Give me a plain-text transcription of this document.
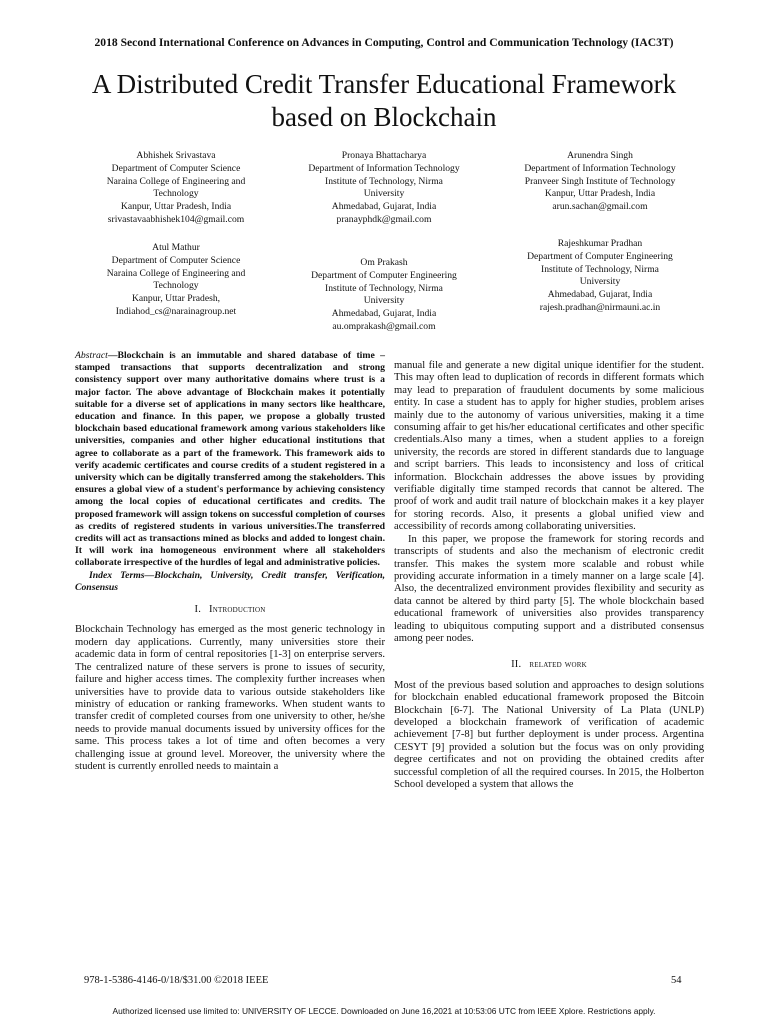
2018 Second International Conference on Advances in Computing, Control and Communication Technology (IAC3T)
A Distributed Credit Transfer Educational Framework
based on Blockchain
Abhishek Srivastava
Department of Computer Science
Naraina College of Engineering and
Technology
Kanpur, Uttar Pradesh, India
srivastavaabhishek104@gmail.com
Pronaya Bhattacharya
Department of Information Technology
Institute of Technology, Nirma
University
Ahmedabad, Gujarat, India
pranayphdk@gmail.com
Arunendra Singh
Department of Information Technology
Pranveer Singh Institute of Technology
Kanpur, Uttar Pradesh, India
arun.sachan@gmail.com
Atul Mathur
Department of Computer Science
Naraina College of Engineering and
Technology
Kanpur, Uttar Pradesh,
Indiahod_cs@narainagroup.net
Om Prakash
Department of Computer Engineering
Institute of Technology, Nirma
University
Ahmedabad, Gujarat, India
au.omprakash@gmail.com
Rajeshkumar Pradhan
Department of Computer Engineering
Institute of Technology, Nirma
University
Ahmedabad, Gujarat, India
rajesh.pradhan@nirmauni.ac.in

Abstract—Blockchain is an immutable and shared database of time –stamped transactions that supports decentralization and strong consistency support over many authoritative domains where trust is a major factor. The above advantage of Blockchain makes it potentially suitable for a diverse set of applications in many sectors like healthcare, education and finance. In this paper, we propose a globally trusted blockchain based educational framework among various stakeholders like universities, companies and other higher educational institutions that agree to collaborate as a part of the framework. This framework aids to verify academic certificates and course credits of a student registered in a university which can be digitally transferred among the stakeholders. This ensures a global view of a student's performance by achieving consistency among the local copies of educational certificates and credits. The proposed framework will assign tokens on successful completion of courses as credits of registered students in various universities.The transferred credits will act as transactions mined as blocks and added to longest chain. It will work ina homogeneous environment where all stakeholders collaborate irrespective of the hurdles of legal and administrative policies.

Index Terms—Blockchain, University, Credit transfer, Verification, Consensus

I. Introduction

Blockchain Technology has emerged as the most generic technology in modern day applications. Currently, many universities store their academic data in form of central repositories [1-3] on enterprise servers. The centralized nature of these servers is prone to issues of security, failure and higher access times. The complexity further increases when universities have to provide data to various outside stakeholders like ministry of education or ranking frameworks. When student wants to transfer credit of completed courses from one university to other, he/she needs to provide manual documents issued by university offices for the same. This process takes a lot of time and often becomes a very challenging issue at ground level. Moreover, the university where the student is currently enrolled needs to maintain a

manual file and generate a new digital unique identifier for the student. This may often lead to duplication of records in different formats which may lead to preparation of fraudulent documents by some malicious entity. In case a student has to apply for higher studies, problem arises mainly due to the autonomy of various universities, making it a time consuming affair to get his/her educational certificates and other specific credentials.Also many a times, when a student applies to a foreign university, the records are stored in different standards due to language and script barriers. This leads to inconsistency and loss of critical information. Blockchain addresses the above issues by providing verifiable digitally time stamped records that cannot be altered. The proof of work and audit trail nature of blockchain makes it a key player for storing records. Also, it presents a global unified view and accessibility of records among collaborating universities.

In this paper, we propose the framework for storing records and transcripts of students and also the mechanism of electronic credit transfer. This makes the system more scalable and robust while providing accurate information in a timely manner on a large scale [4]. Also, the decentralized environment provides flexibility and security as data cannot be altered by third party [5]. The whole blockchain based educational framework of universities also provides transparency leading to ubiquitous computing support and a distributed consensus among peer nodes.

II. related work

Most of the previous based solution and approaches to design solutions for blockchain enabled educational framework proposed the Bitcoin Blockchain [6-7]. The National University of La Plata (UNLP) developed a blockchain framework of verification of academic achievement [7-8] but further deployment is under process. Argentina CESYT [9] provided a solution but the focus was on only providing degree certificates and not on providing the obtained credits after successful completion of all the required courses. In 2015, the Holberton School developed a system that allows the

978-1-5386-4146-0/18/$31.00 ©2018 IEEE	54
Authorized licensed use limited to: UNIVERSITY OF LECCE. Downloaded on June 16,2021 at 10:53:06 UTC from IEEE Xplore. Restrictions apply.
